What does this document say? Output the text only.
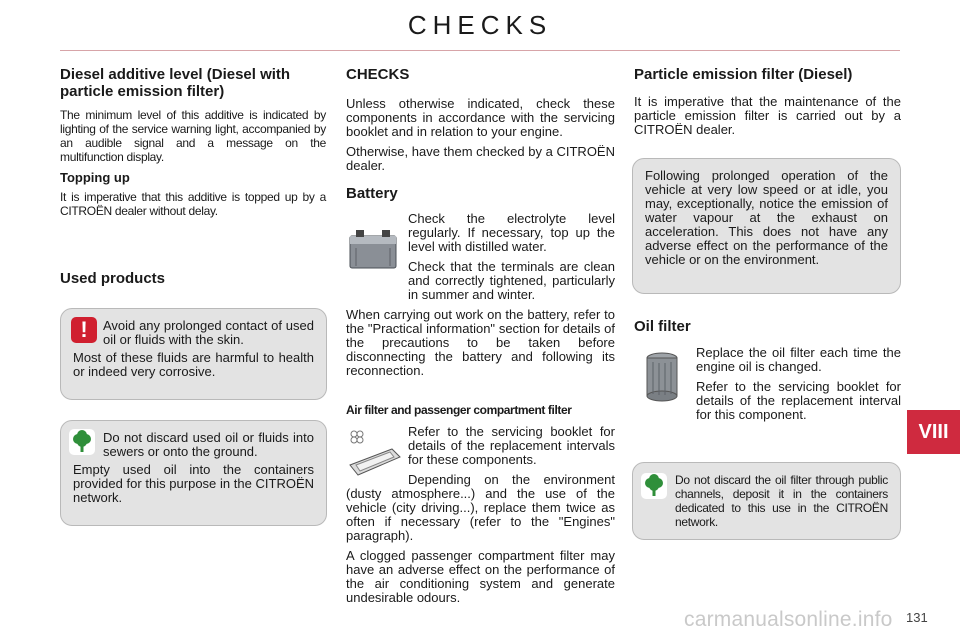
CHECKS
Diesel additive level (Diesel with particle emission filter)

The minimum level of this additive is indicated by lighting of the service warning light, accompanied by an audible signal and a message on the multifunction display.

Topping up

It is imperative that this additive is topped up by a CITROËN dealer without delay.

Used products
!	Avoid any prolonged contact of used oil or fluids with the skin.

Most of these fluids are harmful to health or indeed very corrosive.

Do not discard used oil or fluids into sewers or onto the ground.

Empty used oil into the containers provided for this purpose in the CITROËN network.

CHECKS

Unless otherwise indicated, check these components in accordance with the servicing booklet and in relation to your engine.

Otherwise, have them checked by a CITROËN dealer.

Battery

Check the electrolyte level regularly. If necessary, top up the level with distilled water.

Check that the terminals are clean and correctly tightened, particularly in summer and winter.

When carrying out work on the battery, refer to the "Practical information" section for details of the precautions to be taken before disconnecting the battery and following its reconnection.

Air filter and passenger compartment filter

Refer to the servicing booklet for details of the replacement intervals for these components.

Depending on the environment (dusty atmosphere...) and the use of the vehicle (city driving...), replace them twice as often if necessary (refer to the "Engines" paragraph).

A clogged passenger compartment filter may have an adverse effect on the performance of the air conditioning system and generate undesirable odours.

Particle emission filter (Diesel)

It is imperative that the maintenance of the particle emission filter is carried out by a CITROËN dealer.

Following prolonged operation of the vehicle at very low speed or at idle, you may, exceptionally, notice the emission of water vapour at the exhaust on acceleration. This does not have any adverse effect on the performance of the vehicle or on the environment.

Oil filter

Replace the oil filter each time the engine oil is changed.

Refer to the servicing booklet for details of the replacement interval for this component.

Do not discard the oil filter through public channels, deposit it in the containers dedicated to this use in the CITROËN network.

VIII
carmanualsonline.info 131
